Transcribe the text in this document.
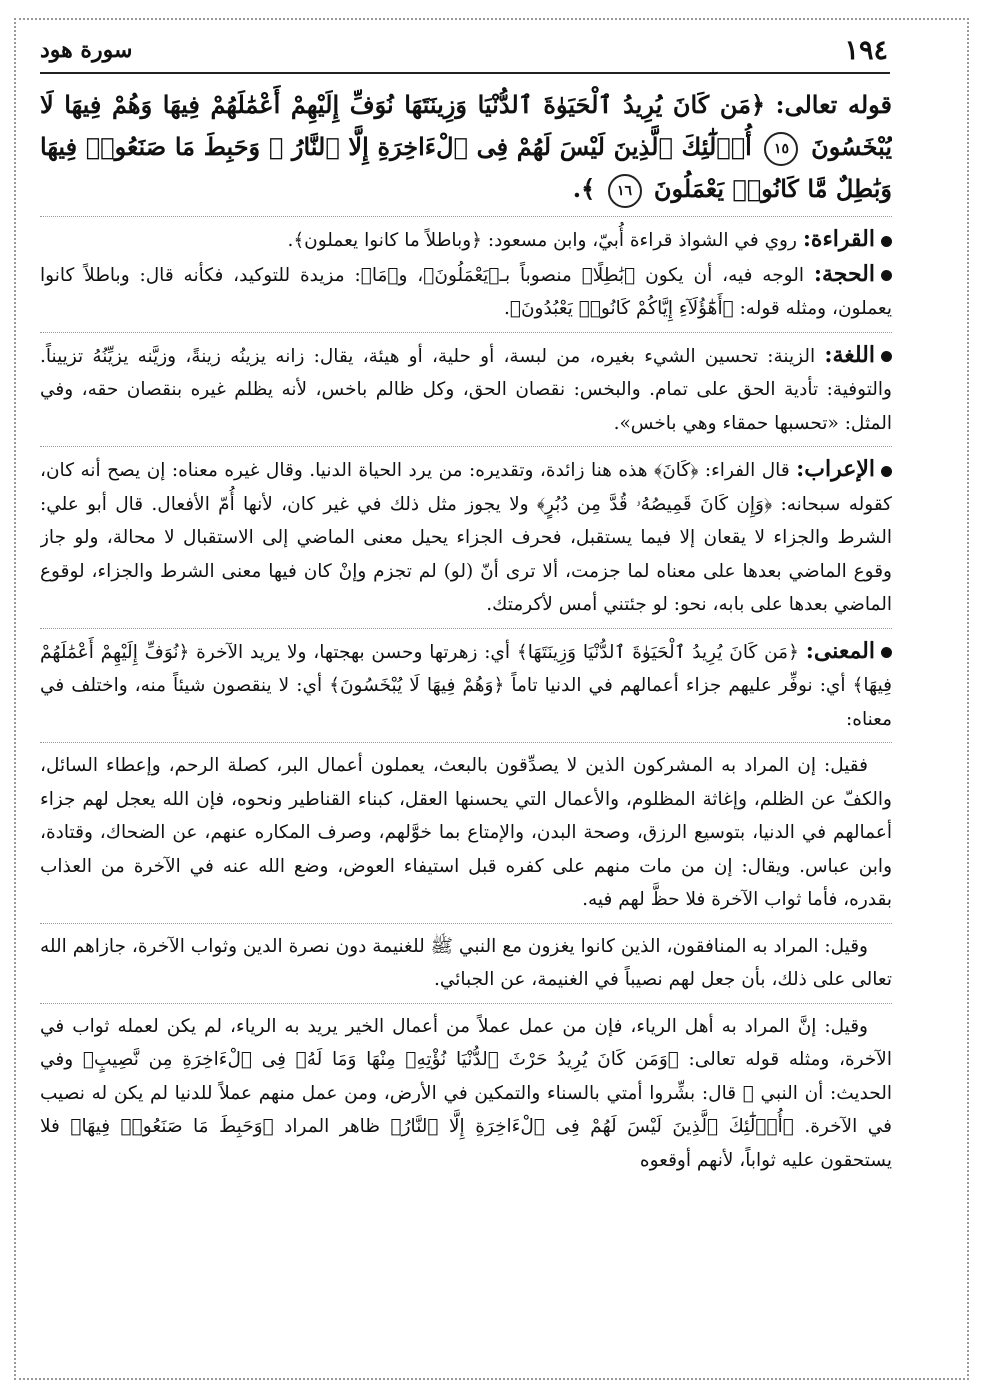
١٩٤
سورة هود

قوله تعالى: ﴿مَن كَانَ يُرِيدُ ٱلْحَيَوٰةَ ٱلدُّنْيَا وَزِينَتَهَا نُوَفِّ إِلَيْهِمْ أَعْمَٰلَهُمْ فِيهَا وَهُمْ فِيهَا لَا يُبْخَسُونَ ١٥ أُو۟لَٰٓئِكَ ٱلَّذِينَ لَيْسَ لَهُمْ فِى ٱلْءَاخِرَةِ إِلَّا ٱلنَّارُ ۖ وَحَبِطَ مَا صَنَعُوا۟ فِيهَا وَبَٰطِلٌ مَّا كَانُوا۟ يَعْمَلُونَ ١٦ ﴾.

القراءة: روي في الشواذ قراءة أُبيّ، وابن مسعود: ﴿وباطلاً ما كانوا يعملون﴾.

الحجة: الوجه فيه، أن يكون ﴿بَٰطِلًا﴾ منصوباً بـ﴿يَعْمَلُونَ﴾، و﴿مَا﴾: مزيدة للتوكيد، فكأنه قال: وباطلاً كانوا يعملون، ومثله قوله: ﴿أَهَٰٓؤُلَآءِ إِيَّاكُمْ كَانُوا۟ يَعْبُدُونَ﴾.

اللغة: الزينة: تحسين الشيء بغيره، من لبسة، أو حلية، أو هيئة، يقال: زانه يزينُه زينةً، وزيَّنه يزيِّنُهُ تزييناً. والتوفية: تأدية الحق على تمام. والبخس: نقصان الحق، وكل ظالم باخس، لأنه يظلم غيره بنقصان حقه، وفي المثل: «تحسبها حمقاء وهي باخس».

الإعراب: قال الفراء: ﴿كَانَ﴾ هذه هنا زائدة، وتقديره: من يرد الحياة الدنيا. وقال غيره معناه: إن يصح أنه كان، كقوله سبحانه: ﴿وَإِن كَانَ قَمِيصُهُۥ قُدَّ مِن دُبُرٍ﴾ ولا يجوز مثل ذلك في غير كان، لأنها أُمّ الأفعال. قال أبو علي: الشرط والجزاء لا يقعان إلا فيما يستقبل، فحرف الجزاء يحيل معنى الماضي إلى الاستقبال لا محالة، ولو جاز وقوع الماضي بعدها على معناه لما جزمت، ألا ترى أنّ (لو) لم تجزم وإنْ كان فيها معنى الشرط والجزاء، لوقوع الماضي بعدها على بابه، نحو: لو جئتني أمس لأكرمتك.

المعنى: ﴿مَن كَانَ يُرِيدُ ٱلْحَيَوٰةَ ٱلدُّنْيَا وَزِينَتَهَا﴾ أي: زهرتها وحسن بهجتها، ولا يريد الآخرة ﴿نُوَفِّ إِلَيْهِمْ أَعْمَٰلَهُمْ فِيهَا﴾ أي: نوفِّر عليهم جزاء أعمالهم في الدنيا تاماً ﴿وَهُمْ فِيهَا لَا يُبْخَسُونَ﴾ أي: لا ينقصون شيئاً منه، واختلف في معناه:

فقيل: إن المراد به المشركون الذين لا يصدِّقون بالبعث، يعملون أعمال البر، كصلة الرحم، وإعطاء السائل، والكفّ عن الظلم، وإغاثة المظلوم، والأعمال التي يحسنها العقل، كبناء القناطير ونحوه، فإن الله يعجل لهم جزاء أعمالهم في الدنيا، بتوسيع الرزق، وصحة البدن، والإمتاع بما خوَّلهم، وصرف المكاره عنهم، عن الضحاك، وقتادة، وابن عباس. ويقال: إن من مات منهم على كفره قبل استيفاء العوض، وضع الله عنه في الآخرة من العذاب بقدره، فأما ثواب الآخرة فلا حظَّ لهم فيه.

وقيل: المراد به المنافقون، الذين كانوا يغزون مع النبي ﷺ للغنيمة دون نصرة الدين وثواب الآخرة، جازاهم الله تعالى على ذلك، بأن جعل لهم نصيباً في الغنيمة، عن الجبائي.

وقيل: إنَّ المراد به أهل الرياء، فإن من عمل عملاً من أعمال الخير يريد به الرياء، لم يكن لعمله ثواب في الآخرة، ومثله قوله تعالى: ﴿وَمَن كَانَ يُرِيدُ حَرْثَ ٱلدُّنْيَا نُؤْتِهِۦ مِنْهَا وَمَا لَهُۥ فِى ٱلْءَاخِرَةِ مِن نَّصِيبٍ﴾ وفي الحديث: أن النبي ﷺ قال: بشِّروا أمتي بالسناء والتمكين في الأرض، ومن عمل منهم عملاً للدنيا لم يكن له نصيب في الآخرة. ﴿أُو۟لَٰٓئِكَ ٱلَّذِينَ لَيْسَ لَهُمْ فِى ٱلْءَاخِرَةِ إِلَّا ٱلنَّارُ﴾ ظاهر المراد ﴿وَحَبِطَ مَا صَنَعُوا۟ فِيهَا﴾ فلا يستحقون عليه ثواباً، لأنهم أوقعوه
